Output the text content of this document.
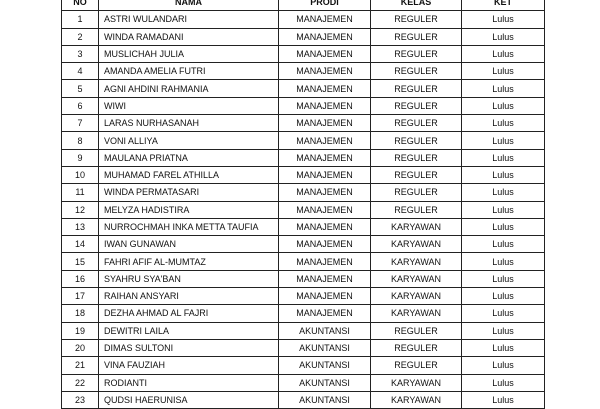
NO	NAMA	PRODI	KELAS	KET
1	ASTRI WULANDARI	MANAJEMEN	REGULER	Lulus
2	WINDA RAMADANI	MANAJEMEN	REGULER	Lulus
3	MUSLICHAH JULIA	MANAJEMEN	REGULER	Lulus
4	AMANDA AMELIA FUTRI	MANAJEMEN	REGULER	Lulus
5	AGNI AHDINI RAHMANIA	MANAJEMEN	REGULER	Lulus
6	WIWI	MANAJEMEN	REGULER	Lulus
7	LARAS NURHASANAH	MANAJEMEN	REGULER	Lulus
8	VONI ALLIYA	MANAJEMEN	REGULER	Lulus
9	MAULANA PRIATNA	MANAJEMEN	REGULER	Lulus
10	MUHAMAD FAREL ATHILLA	MANAJEMEN	REGULER	Lulus
11	WINDA PERMATASARI	MANAJEMEN	REGULER	Lulus
12	MELYZA HADISTIRA	MANAJEMEN	REGULER	Lulus
13	NURROCHMAH INKA METTA TAUFIA	MANAJEMEN	KARYAWAN	Lulus
14	IWAN GUNAWAN	MANAJEMEN	KARYAWAN	Lulus
15	FAHRI AFIF AL-MUMTAZ	MANAJEMEN	KARYAWAN	Lulus
16	SYAHRU SYA'BAN	MANAJEMEN	KARYAWAN	Lulus
17	RAIHAN ANSYARI	MANAJEMEN	KARYAWAN	Lulus
18	DEZHA AHMAD AL FAJRI	MANAJEMEN	KARYAWAN	Lulus
19	DEWITRI LAILA	AKUNTANSI	REGULER	Lulus
20	DIMAS SULTONI	AKUNTANSI	REGULER	Lulus
21	VINA FAUZIAH	AKUNTANSI	REGULER	Lulus
22	RODIANTI	AKUNTANSI	KARYAWAN	Lulus
23	QUDSI HAERUNISA	AKUNTANSI	KARYAWAN	Lulus
